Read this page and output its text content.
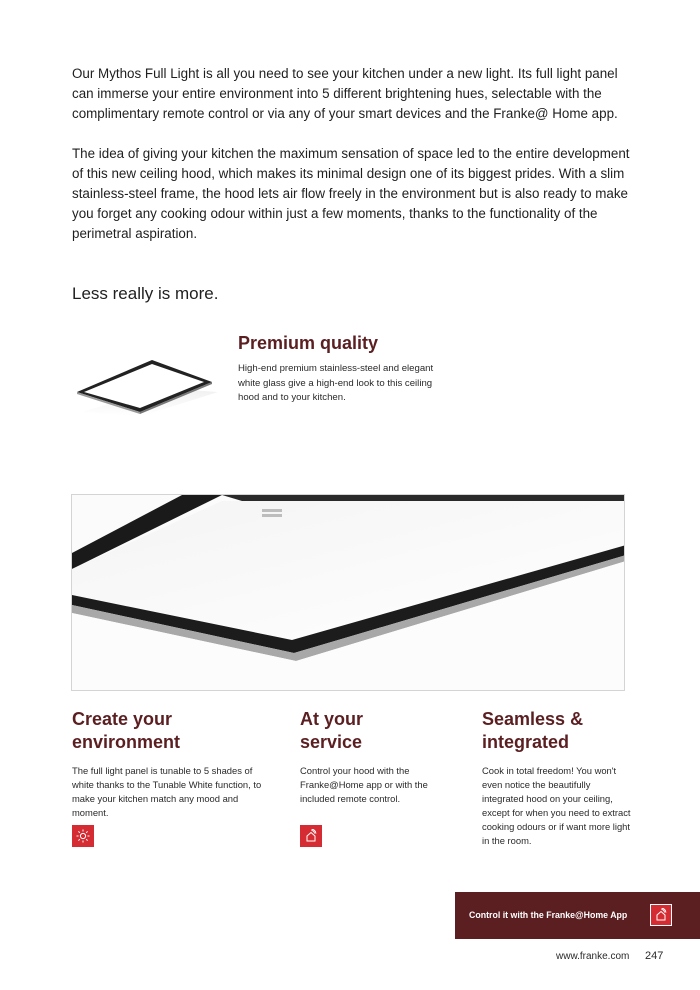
Our Mythos Full Light is all you need to see your kitchen under a new light. Its full light panel can immerse your entire environment into 5 different brightening hues, selectable with the complimentary remote control or via any of your smart devices and the Franke@ Home app.

The idea of giving your kitchen the maximum sensation of space led to the entire development of this new ceiling hood, which makes its minimal design one of its biggest prides. With a slim stainless-steel frame, the hood lets air flow freely in the environment but is also ready to make you forget any cooking odour within just a few moments, thanks to the functionality of the perimetral aspiration.

Less really is more.
Premium quality
High-end premium stainless-steel and elegant white glass give a high-end look to this ceiling hood and to your kitchen.
Create your
environment

The full light panel is tunable to 5 shades of white thanks to the Tunable White function, to make your kitchen match any mood and moment.

At your
service

Control your hood with the Franke@Home app or with the included remote control.

Seamless &
integrated

Cook in total freedom! You won't even notice the beautifully integrated hood on your ceiling, except for when you need to extract cooking odours or if want more light in the room.

Control it with the Franke@Home App
www.franke.com 247
